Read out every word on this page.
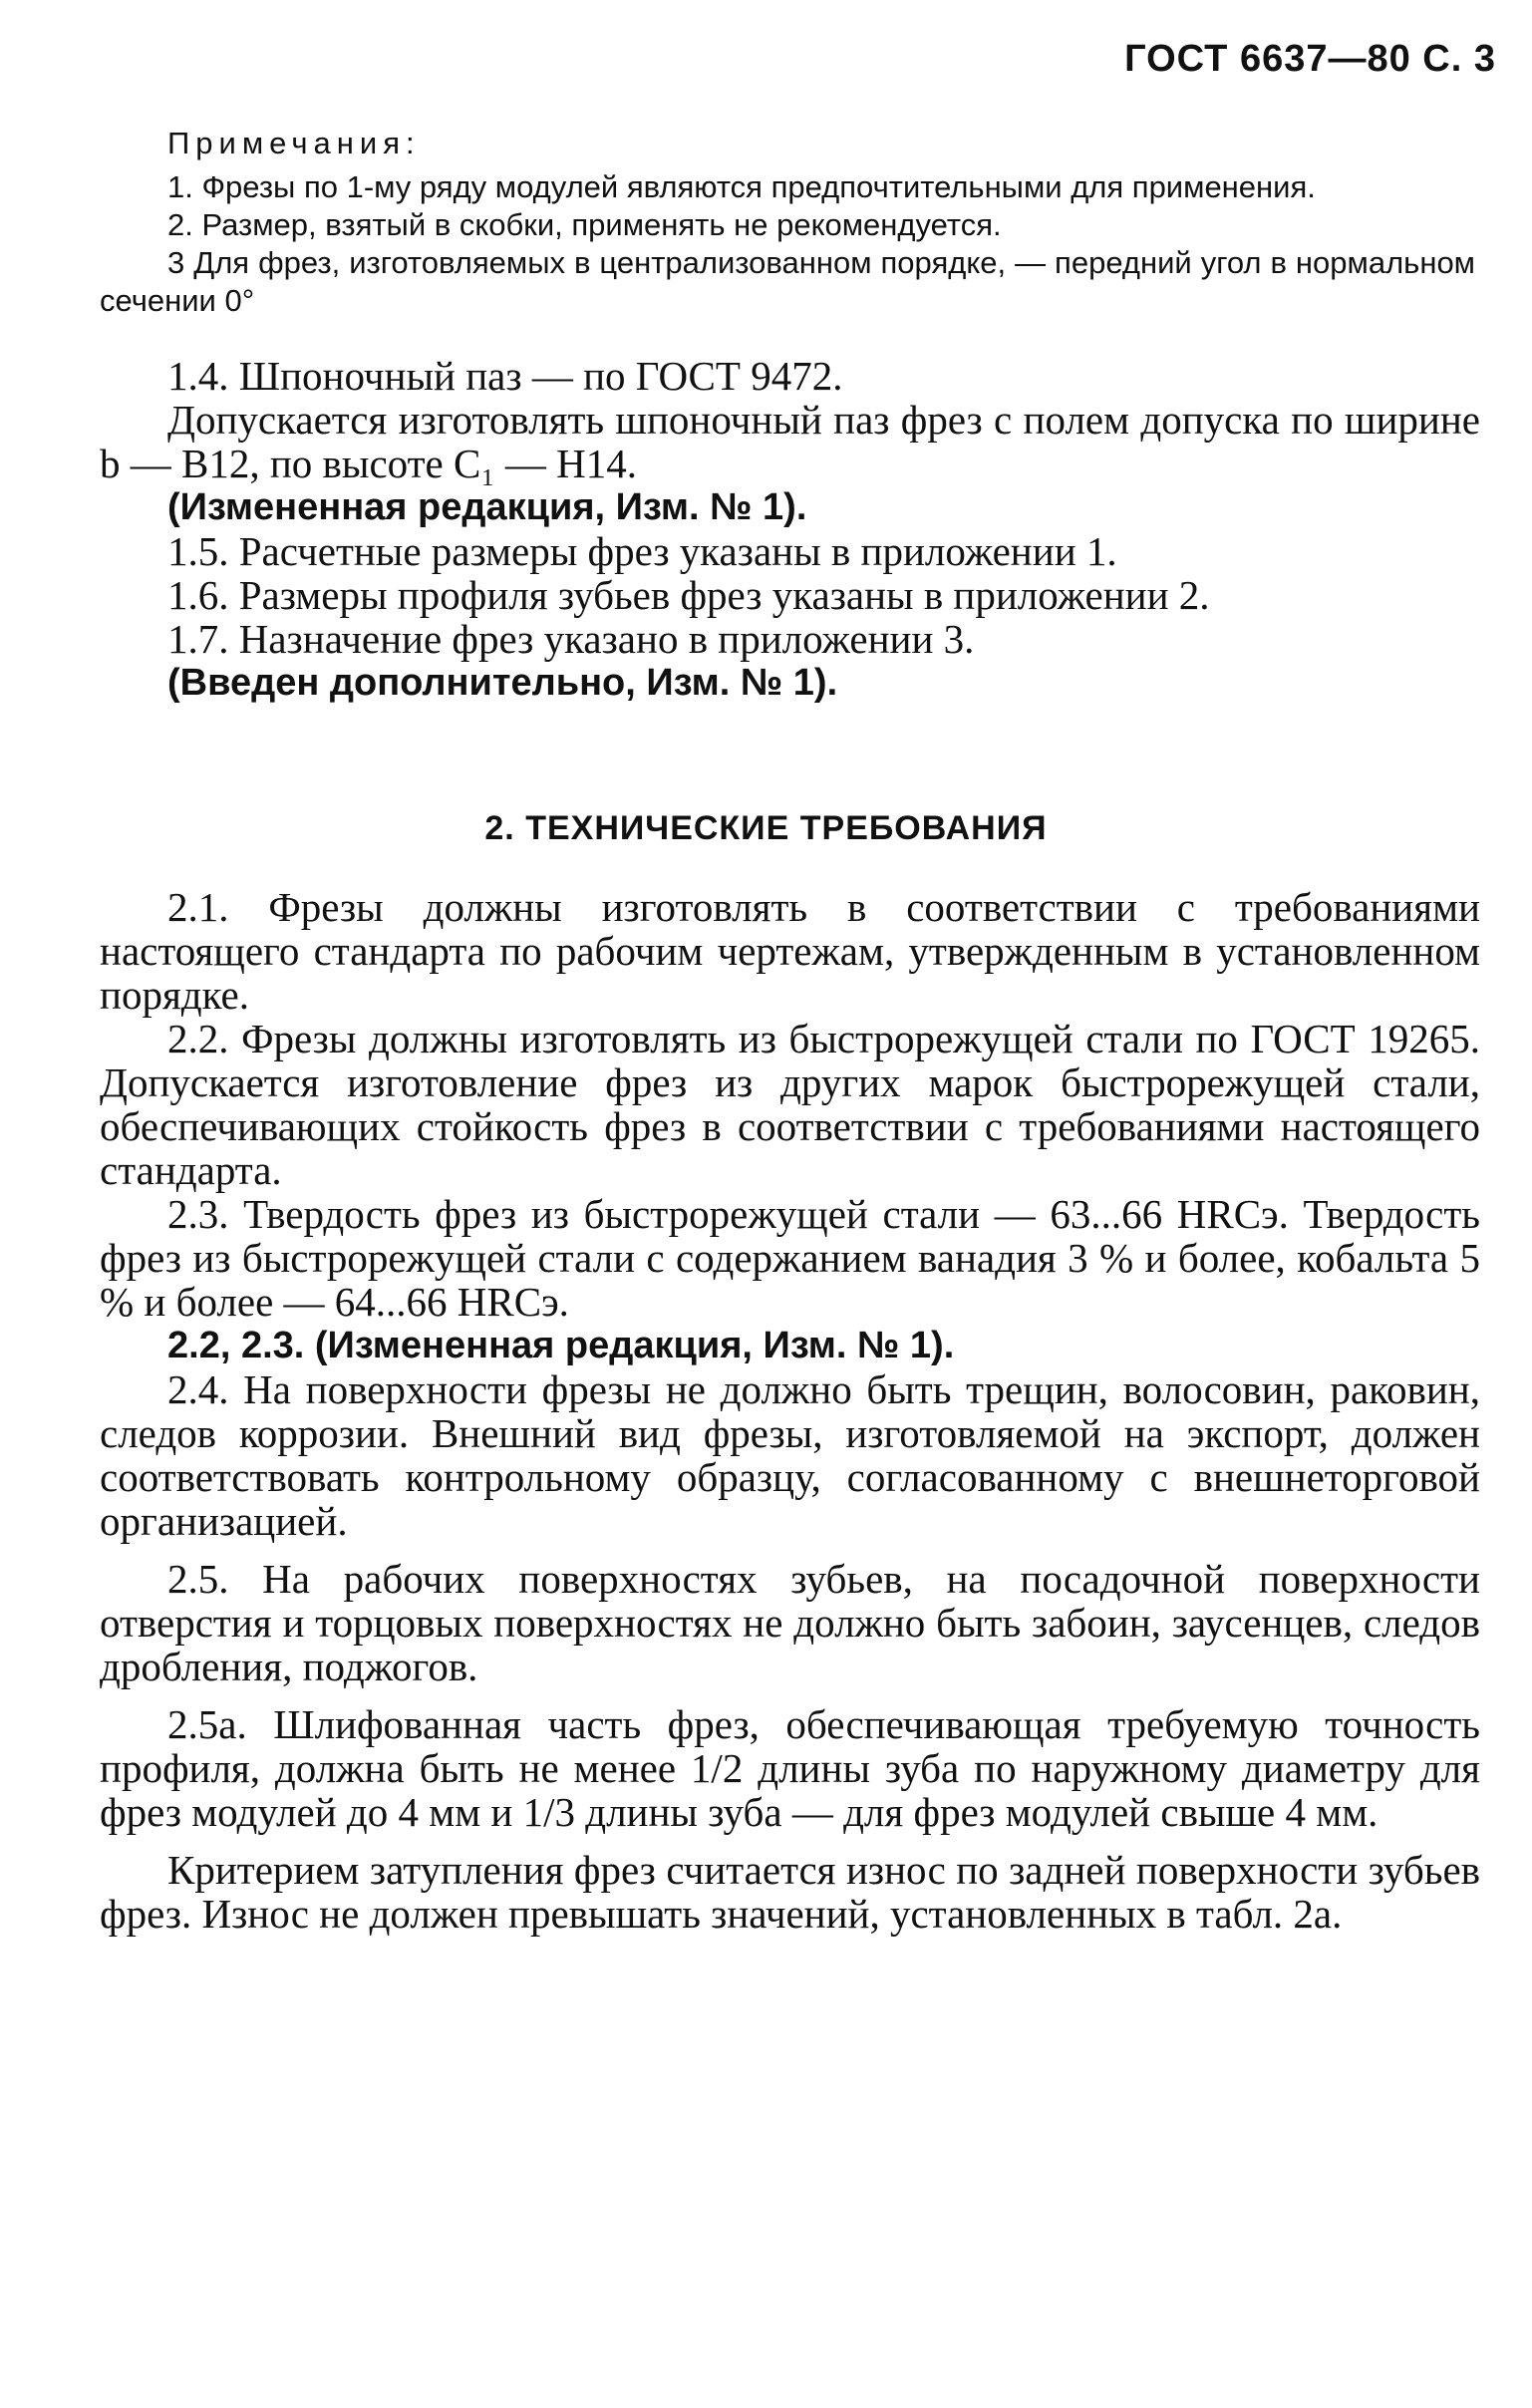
ГОСТ 6637—80 С. 3
Примечания:

1. Фрезы по 1-му ряду модулей являются предпочтительными для применения.

2. Размер, взятый в скобки, применять не рекомендуется.

3 Для фрез, изготовляемых в централизованном порядке, — передний угол в нормальном сечении 0°

1.4. Шпоночный паз — по ГОСТ 9472.

Допускается изготовлять шпоночный паз фрез с полем допуска по ширине b — В12, по высоте C₁ — Н14.

(Измененная редакция, Изм. № 1).

1.5. Расчетные размеры фрез указаны в приложении 1.

1.6. Размеры профиля зубьев фрез указаны в приложении 2.

1.7. Назначение фрез указано в приложении 3.

(Введен дополнительно, Изм. № 1).

2. ТЕХНИЧЕСКИЕ ТРЕБОВАНИЯ

2.1. Фрезы должны изготовлять в соответствии с требованиями настоящего стандарта по рабочим чертежам, утвержденным в установленном порядке.

2.2. Фрезы должны изготовлять из быстрорежущей стали по ГОСТ 19265. Допускается изготовление фрез из других марок быстрорежущей стали, обеспечивающих стойкость фрез в соответствии с требованиями настоящего стандарта.

2.3. Твердость фрез из быстрорежущей стали — 63...66 HRCэ. Твердость фрез из быстрорежущей стали с содержанием ванадия 3 % и более, кобальта 5 % и более — 64...66 HRCэ.

2.2, 2.3. (Измененная редакция, Изм. № 1).

2.4. На поверхности фрезы не должно быть трещин, волосовин, раковин, следов коррозии. Внешний вид фрезы, изготовляемой на экспорт, должен соответствовать контрольному образцу, согласованному с внешнеторговой организацией.

2.5. На рабочих поверхностях зубьев, на посадочной поверхности отверстия и торцовых поверхностях не должно быть забоин, заусенцев, следов дробления, поджогов.

2.5а. Шлифованная часть фрез, обеспечивающая требуемую точность профиля, должна быть не менее 1/2 длины зуба по наружному диаметру для фрез модулей до 4 мм и 1/3 длины зуба — для фрез модулей свыше 4 мм.

Критерием затупления фрез считается износ по задней поверхности зубьев фрез. Износ не должен превышать значений, установленных в табл. 2а.
